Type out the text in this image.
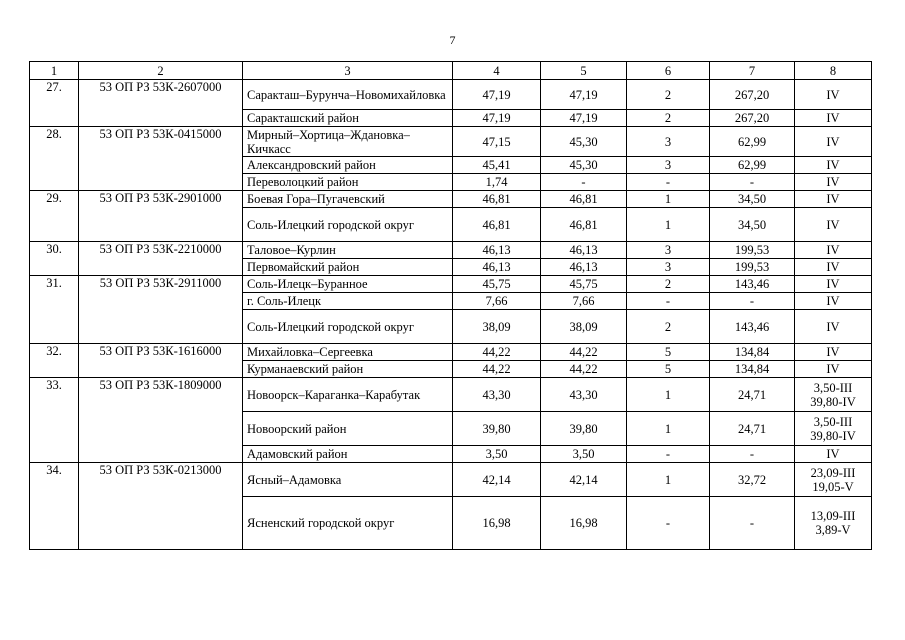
7
1	2	3	4	5	6	7	8
27.	53 ОП РЗ 53К-2607000	Саракташ–Бурунча–Новомихайловка	47,19	47,19	2	267,20	IV
		Саракташский район	47,19	47,19	2	267,20	IV
28.	53 ОП РЗ 53К-0415000	Мирный–Хортица–Ждановка–Кичкасс	47,15	45,30	3	62,99	IV
		Александровский район	45,41	45,30	3	62,99	IV
		Переволоцкий район	1,74	-	-	-	IV
29.	53 ОП РЗ 53К-2901000	Боевая Гора–Пугачевский	46,81	46,81	1	34,50	IV
		Соль-Илецкий городской округ	46,81	46,81	1	34,50	IV
30.	53 ОП РЗ 53К-2210000	Таловое–Курлин	46,13	46,13	3	199,53	IV
		Первомайский район	46,13	46,13	3	199,53	IV
31.	53 ОП РЗ 53К-2911000	Соль-Илецк–Буранное	45,75	45,75	2	143,46	IV
		г. Соль-Илецк	7,66	7,66	-	-	IV
		Соль-Илецкий городской округ	38,09	38,09	2	143,46	IV
32.	53 ОП РЗ 53К-1616000	Михайловка–Сергеевка	44,22	44,22	5	134,84	IV
		Курманаевский район	44,22	44,22	5	134,84	IV
33.	53 ОП РЗ 53К-1809000	Новоорск–Караганка–Карабутак	43,30	43,30	1	24,71	3,50-III
39,80-IV

		Новоорский район	39,80	39,80	1	24,71	3,50-III
39,80-IV

		Адамовский район	3,50	3,50	-	-	IV
34.	53 ОП РЗ 53К-0213000	Ясный–Адамовка	42,14	42,14	1	32,72	23,09-III
19,05-V

		Ясненский городской округ	16,98	16,98	-	-	13,09-III
3,89-V
